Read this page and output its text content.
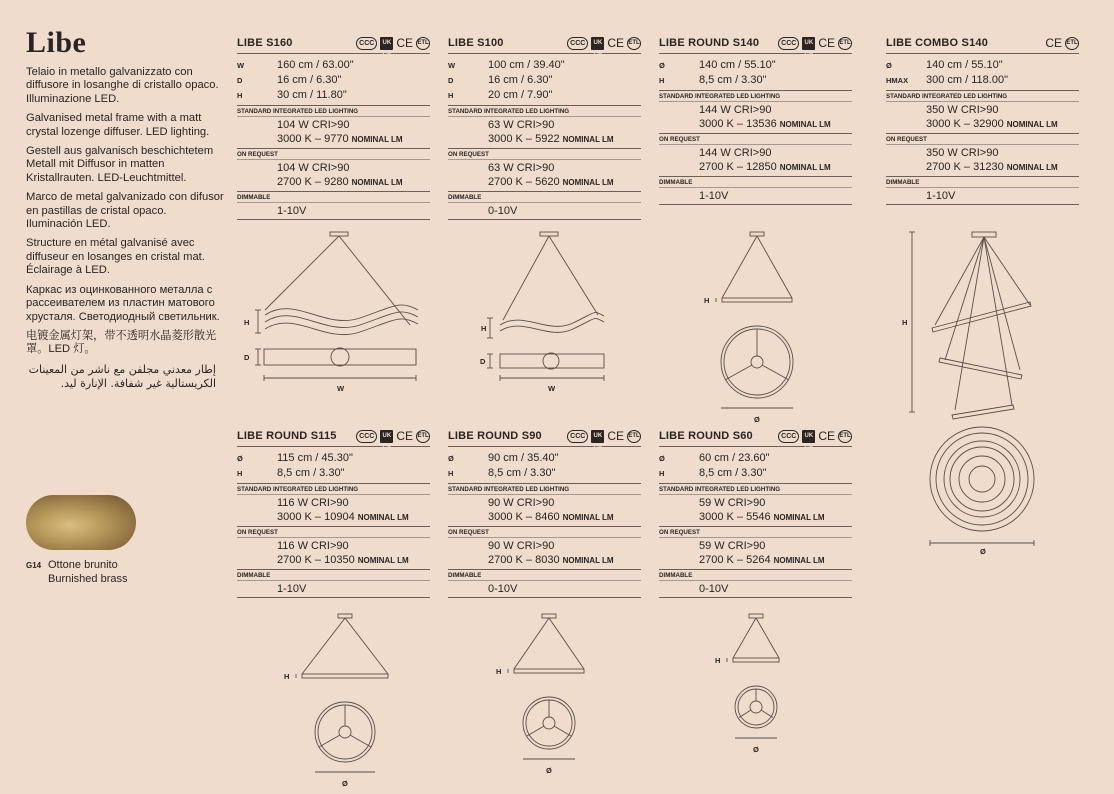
Libe

Telaio in metallo galvanizzato con diffusore in losanghe di cristallo opaco. Illuminazione LED.

Galvanised metal frame with a matt crystal lozenge diffuser. LED lighting.

Gestell aus galvanisch beschichtetem Metall mit Diffusor in matten Kristallrauten. LED-Leuchtmittel.

Marco de metal galvanizado con difusor en pastillas de cristal opaco. Iluminación LED.

Structure en métal galvanisé avec diffuseur en losanges en cristal mat. Éclairage à LED.

Каркас из оцинкованного металла с рассеивателем из пластин матового хрусталя. Светодиодный светильник.

电镀金属灯架，带不透明水晶菱形散光罩。LED 灯。

إطار معدني مجلفن مع ناشر من المعينات الكريستالية غير شفافة. الإنارة ليد.

G14 Ottone brunito
Burnished brass
LIBE S160	CCC	UK CA
CE ETL
W	160 cm / 63.00"
D	16 cm / 6.30"
H	30 cm / 11.80"
STANDARD INTEGRATED LED LIGHTING
104 W CRI>90
3000 K – 9770 NOMINAL LM
ON REQUEST
104 W CRI>90
2700 K – 9280 NOMINAL LM
DIMMABLE
1-10V
LIBE S100	CCC	UK CA
CE ETL
W	100 cm / 39.40"
D	16 cm / 6.30"
H	20 cm / 7.90"
STANDARD INTEGRATED LED LIGHTING
63 W CRI>90
3000 K – 5922 NOMINAL LM
ON REQUEST
63 W CRI>90
2700 K – 5620 NOMINAL LM
DIMMABLE
0-10V
LIBE ROUND S140	CCC	UK CA
CE ETL
Ø	140 cm / 55.10"
H	8,5 cm / 3.30"
STANDARD INTEGRATED LED LIGHTING
144 W CRI>90
3000 K – 13536 NOMINAL LM
ON REQUEST
144 W CRI>90
2700 K – 12850 NOMINAL LM
DIMMABLE
1-10V
LIBE COMBO S140	CE ETL
Ø	140 cm / 55.10"
HMAX	300 cm / 118.00"
STANDARD INTEGRATED LED LIGHTING
350 W CRI>90
3000 K – 32900 NOMINAL LM
ON REQUEST
350 W CRI>90
2700 K – 31230 NOMINAL LM
DIMMABLE
1-10V
LIBE ROUND S115	CCC	UK CA
CE ETL
Ø	115 cm / 45.30"
H	8,5 cm / 3.30"
STANDARD INTEGRATED LED LIGHTING
116 W CRI>90
3000 K – 10904 NOMINAL LM
ON REQUEST
116 W CRI>90
2700 K – 10350 NOMINAL LM
DIMMABLE
1-10V
LIBE ROUND S90	CCC	UK CA
CE ETL
Ø	90 cm / 35.40"
H	8,5 cm / 3.30"
STANDARD INTEGRATED LED LIGHTING
90 W CRI>90
3000 K – 8460 NOMINAL LM
ON REQUEST
90 W CRI>90
2700 K – 8030 NOMINAL LM
DIMMABLE
0-10V
LIBE ROUND S60	CCC	UK CA
CE ETL
Ø	60 cm / 23.60"
H	8,5 cm / 3.30"
STANDARD INTEGRATED LED LIGHTING
59 W CRI>90
3000 K – 5546 NOMINAL LM
ON REQUEST
59 W CRI>90
2700 K – 5264 NOMINAL LM
DIMMABLE
0-10V
H
D
W
H
D
W
H
Ø
H
Ø
H
Ø
H
Ø
H
Ø
